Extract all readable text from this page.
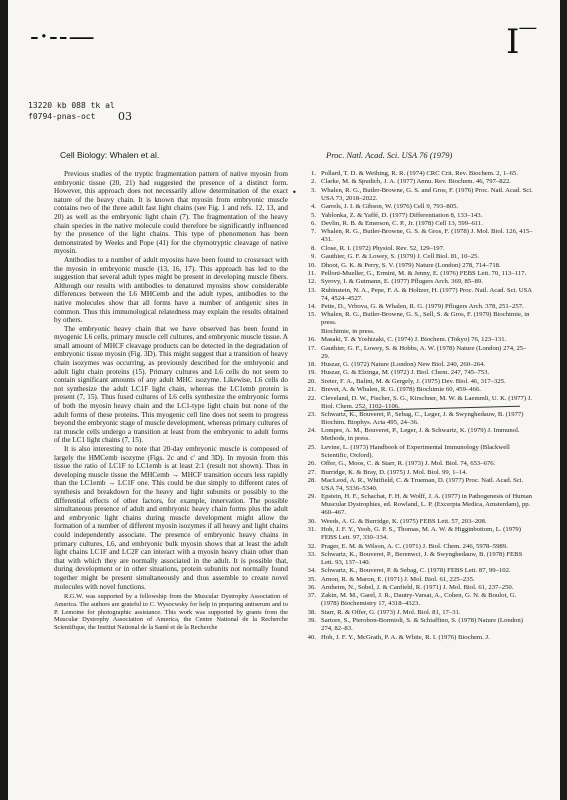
-·--—	I‾
13220 kb 088 tk al
f0794-pnas-oct	03
Cell Biology: Whalen et al.	Proc. Natl. Acad. Sci. USA 76 (1979)

Previous studies of the tryptic fragmentation pattern of native myosin from embryonic tissue (20, 21) had suggested the presence of a distinct form. However, this approach does not necessarily allow determination of the exact nature of the heavy chain. It is known that myosin from embryonic muscle contains two of the three adult fast light chains (see Fig. 1 and refs. 12, 13, and 20) as well as the embryonic light chain (7). The fragmentation of the heavy chain species in the native molecule could therefore be significantly influenced by the presence of the light chains. This type of phenomenon has been demonstrated by Weeks and Pope (41) for the chymotryptic cleavage of native myosin.

Antibodies to a number of adult myosins have been found to crossreact with the myosin in embryonic muscle (13, 16, 17). This approach has led to the suggestion that several adult types might be present in developing muscle fibers. Although our results with antibodies to denatured myosins show considerable differences between the L6 MHCemb and the adult types, antibodies to the native molecules show that all forms have a number of antigenic sites in common. Thus this immunological relatedness may explain the results obtained by others.

The embryonic heavy chain that we have observed has been found in myogenic L6 cells, primary muscle cell cultures, and embryonic muscle tissue. A small amount of MHCF cleavage products can be detected in the degradation of embryonic tissue myosin (Fig. 3D). This might suggest that a transition of heavy chain isozymes was occurring, as previously described for the embryonic and adult light chain proteins (15). Primary cultures and L6 cells do not seem to contain significant amounts of any adult MHC isozyme. Likewise, L6 cells do not synthesize the adult LC1F light chain, whereas the LC1emb protein is present (7, 15). Thus fused cultures of L6 cells synthesize the embryonic forms of both the myosin heavy chain and the LC1-type light chain but none of the adult forms of these proteins. This myogenic cell line does not seem to progress beyond the embryonic stage of muscle development, whereas primary cultures of rat muscle cells undergo a transition at least from the embryonic to adult forms of the LC1 light chains (7, 15).

It is also interesting to note that 20-day embryonic muscle is composed of largely the HMCemb isozyme (Figs. 2c and c' and 3D). In myosin from this tissue the ratio of LC1F to LC1emb is at least 2:1 (result not shown). Thus in developing muscle tissue the MHCemb → MHCF transition occurs less rapidly than the LC1emb → LC1F one. This could be due simply to different rates of synthesis and breakdown for the heavy and light subunits or possibly to the differential effects of other factors, for example, innervation. The possible simultaneous presence of adult and embryonic heavy chain forms plus the adult and embryonic light chains during muscle development might allow the formation of a number of different myosin isozymes if all heavy and light chains could independently associate. The presence of embryonic heavy chains in primary cultures, L6, and embryonic bulk myosin shows that at least the adult light chains LC1F and LC2F can interact with a myosin heavy chain other than that with which they are normally associated in the adult. It is possible that, during development or in other situations, protein subunits not normally found together might be present simultaneously and thus assemble to create novel molecules with novel functions.

R.G.W. was supported by a fellowship from the Muscular Dystrophy Association of America. The authors are grateful to C. Wysocwsky for help in preparing antiserum and to P. Lemoine for photographic assistance. This work was supported by grants from the Muscular Dystrophy Association of America, the Centre National de la Recherche Scientifique, the Institut National de la Santé et de la Recherche

•
1. Pollard, T. D. & Weihing, R. R. (1974) CRC Crit. Rev. Biochem. 2, 1–65.
2. Clarke, M. & Spudich, J. A. (1977) Annu. Rev. Biochem. 46, 797–822.
3. Whalen, R. G., Butler-Browne, G. S. and Gros, F. (1976) Proc. Natl. Acad. Sci. USA 73, 2018–2022.
4. Garrels, J. I. & Gibson, W. (1976) Cell 9, 793–805.
5. Yablonka, Z. & Yaffé, D. (1977) Differentiation 8, 133–143.
6. Devlin, R. B. & Emerson, C. P., Jr. (1978) Cell 13, 599–611.
7. Whalen, R. G., Butler-Browne, G. S. & Gros, F. (1978) J. Mol. Biol. 126, 415–431.
8. Close, R. I. (1972) Physiol. Rev. 52, 129–197.
9. Gauthier, G. F. & Lowey, S. (1979) J. Cell Biol. 81, 10–25.
10. Dhoot, G. K. & Perry, S. V. (1979) Nature (London) 278, 714–718.
11. Pelloni-Mueller, G., Ermini, M. & Jenny, E. (1976) FEBS Lett. 70, 113–117.
12. Syrovy, I. & Gutmann, E. (1977) Pflugers Arch. 369, 85–89.
13. Rubinstein, N. A., Pepe, F. A. & Holtzer, H. (1977) Proc. Natl. Acad. Sci. USA 74, 4524–4527.
14. Pette, D., Vrbova, G. & Whalen, R. G. (1979) Pflugers Arch. 378, 251–257.
15. Whalen, R. G., Butler-Browne, G. S., Sell, S. & Gros, F. (1979) Biochimie, in press.
Biochimie, in press.
16. Masaki, T. & Yoshizaki, C. (1974) J. Biochem. (Tokyo) 76, 123–131.
17. Gauthier, G. F., Lowey, S. & Hobbs, A. W. (1978) Nature (London) 274, 25–29.
18. Huszar, G. (1972) Nature (London) New Biol. 240, 260–264.
19. Huszar, G. & Elzinga, M. (1972) J. Biol. Chem. 247, 745–753.
20. Sreter, F. A., Balint, M. & Gergely, J. (1975) Dev. Biol. 46, 317–325.
21. Brevet, A. & Whalen, R. G. (1978) Biochimie 60, 459–466.
22. Cleveland, D. W., Fischer, S. G., Kirschner, M. W. & Laemmli, U. K. (1977) J. Biol. Chem. 252, 1102–1106.
23. Schwartz, K., Bouveret, P., Sebag, C., Leger, J. & Swynghedauw, B. (1977) Biochim. Biophys. Acta 495, 24–36.
24. Lompre, A. M., Bouveret, P., Leger, J. & Schwartz, K. (1979) J. Immunol. Methods, in press.
25. Levine, L. (1973) Handbook of Experimental Immunology (Blackwell Scientific, Oxford).
26. Offer, G., Moos, C. & Starr, R. (1973) J. Mol. Biol. 74, 653–676.
27. Burridge, K. & Bray, D. (1975) J. Mol. Biol. 99, 1–14.
28. MacLeod, A. R., Whitfield, C. & Trueman, D. (1977) Proc. Natl. Acad. Sci. USA 74, 5336–5340.
29. Epstein, H. F., Schachat, F. H. & Wolff, J. A. (1977) in Pathogenesis of Human Muscular Dystrophies, ed. Rowland, L. P. (Excerpta Medica, Amsterdam), pp. 460–467.
30. Weeds, A. G. & Burridge, K. (1975) FEBS Lett. 57, 203–208.
31. Hoh, J. F. Y., Yeoh, G. P. S., Thomas, M. A. W. & Higginbottom, L. (1979) FEBS Lett. 97, 330–334.
32. Prager, E. M. & Wilson, A. C. (1971) J. Biol. Chem. 246, 5978–5989.
33. Schwartz, K., Bouveret, P., Berenwci, J. & Swynghedauw, B. (1978) FEBS Lett. 93, 137–140.
34. Schwartz, K., Bouveret, P. & Sebag, C. (1978) FEBS Lett. 87, 99–102.
35. Arnon, R. & Maron, E. (1971) J. Mol. Biol. 61, 225–235.
36. Arnheim, N., Sobel, J. & Canfield, R. (1971) J. Mol. Biol. 61, 237–250.
37. Zakin, M. M., Garel, J. R., Dautry-Varsat, A., Cohen, G. N. & Boulot, G. (1978) Biochemistry 17, 4318–4323.
38. Starr, R. & Offer, G. (1973) J. Mol. Biol. 81, 17–31.
39. Sartore, S., Pierobon-Bormioli, S. & Schiaffino, S. (1978) Nature (London) 274, 82–83.
40. Hoh, J. F. Y., McGrath, P. A. & White, R. I. (1976) Biochem. J.
